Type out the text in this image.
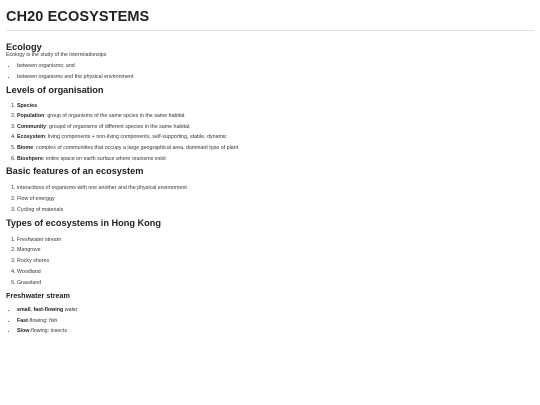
CH20 ECOSYSTEMS
Ecology

Ecology is the study of the interrelationsips

• between organisms; and
• between organisms and the physical environment
Levels of organisation
1. Species
2. Population: group of organisms of the same spcies in the same habitat
3. Community: groupd of organisms of different species in the same habitat
4. Ecosystem: living components + non-living components, self-supporting, stable, dynamic
5. Biome: complex of communities that occupy a large geographical area, dominant type of plant
6. Bioshpere: entire space on earth surface where oranisms exist
Basic features of an ecosystem
1. interactions of organisms with one another and the physical environment
2. Flow of energgy
3. Cycling of materials
Types of ecosystems in Hong Kong
1. Freshwater stream
2. Mangrove
3. Rocky shores
4. Woodland
5. Grassland
Freshwater stream
• small, fast-flowing water
• Fast-flowing: fish
• Slow-flowing: insects
